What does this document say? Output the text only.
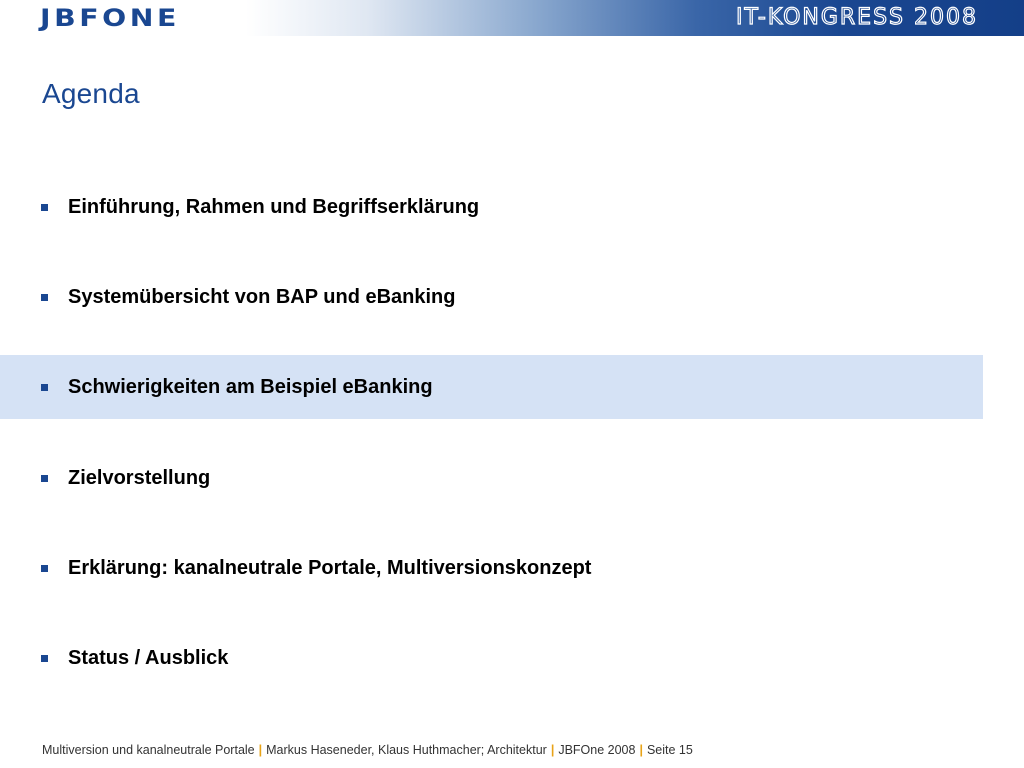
JBFONE	IT-KONGRESS 2008
Agenda
Einführung, Rahmen und Begriffserklärung
Systemübersicht von BAP und eBanking
Schwierigkeiten am Beispiel eBanking
Zielvorstellung
Erklärung: kanalneutrale Portale, Multiversionskonzept
Status / Ausblick
Multiversion und kanalneutrale Portale | Markus Haseneder, Klaus Huthmacher; Architektur | JBFOne 2008 | Seite 15
